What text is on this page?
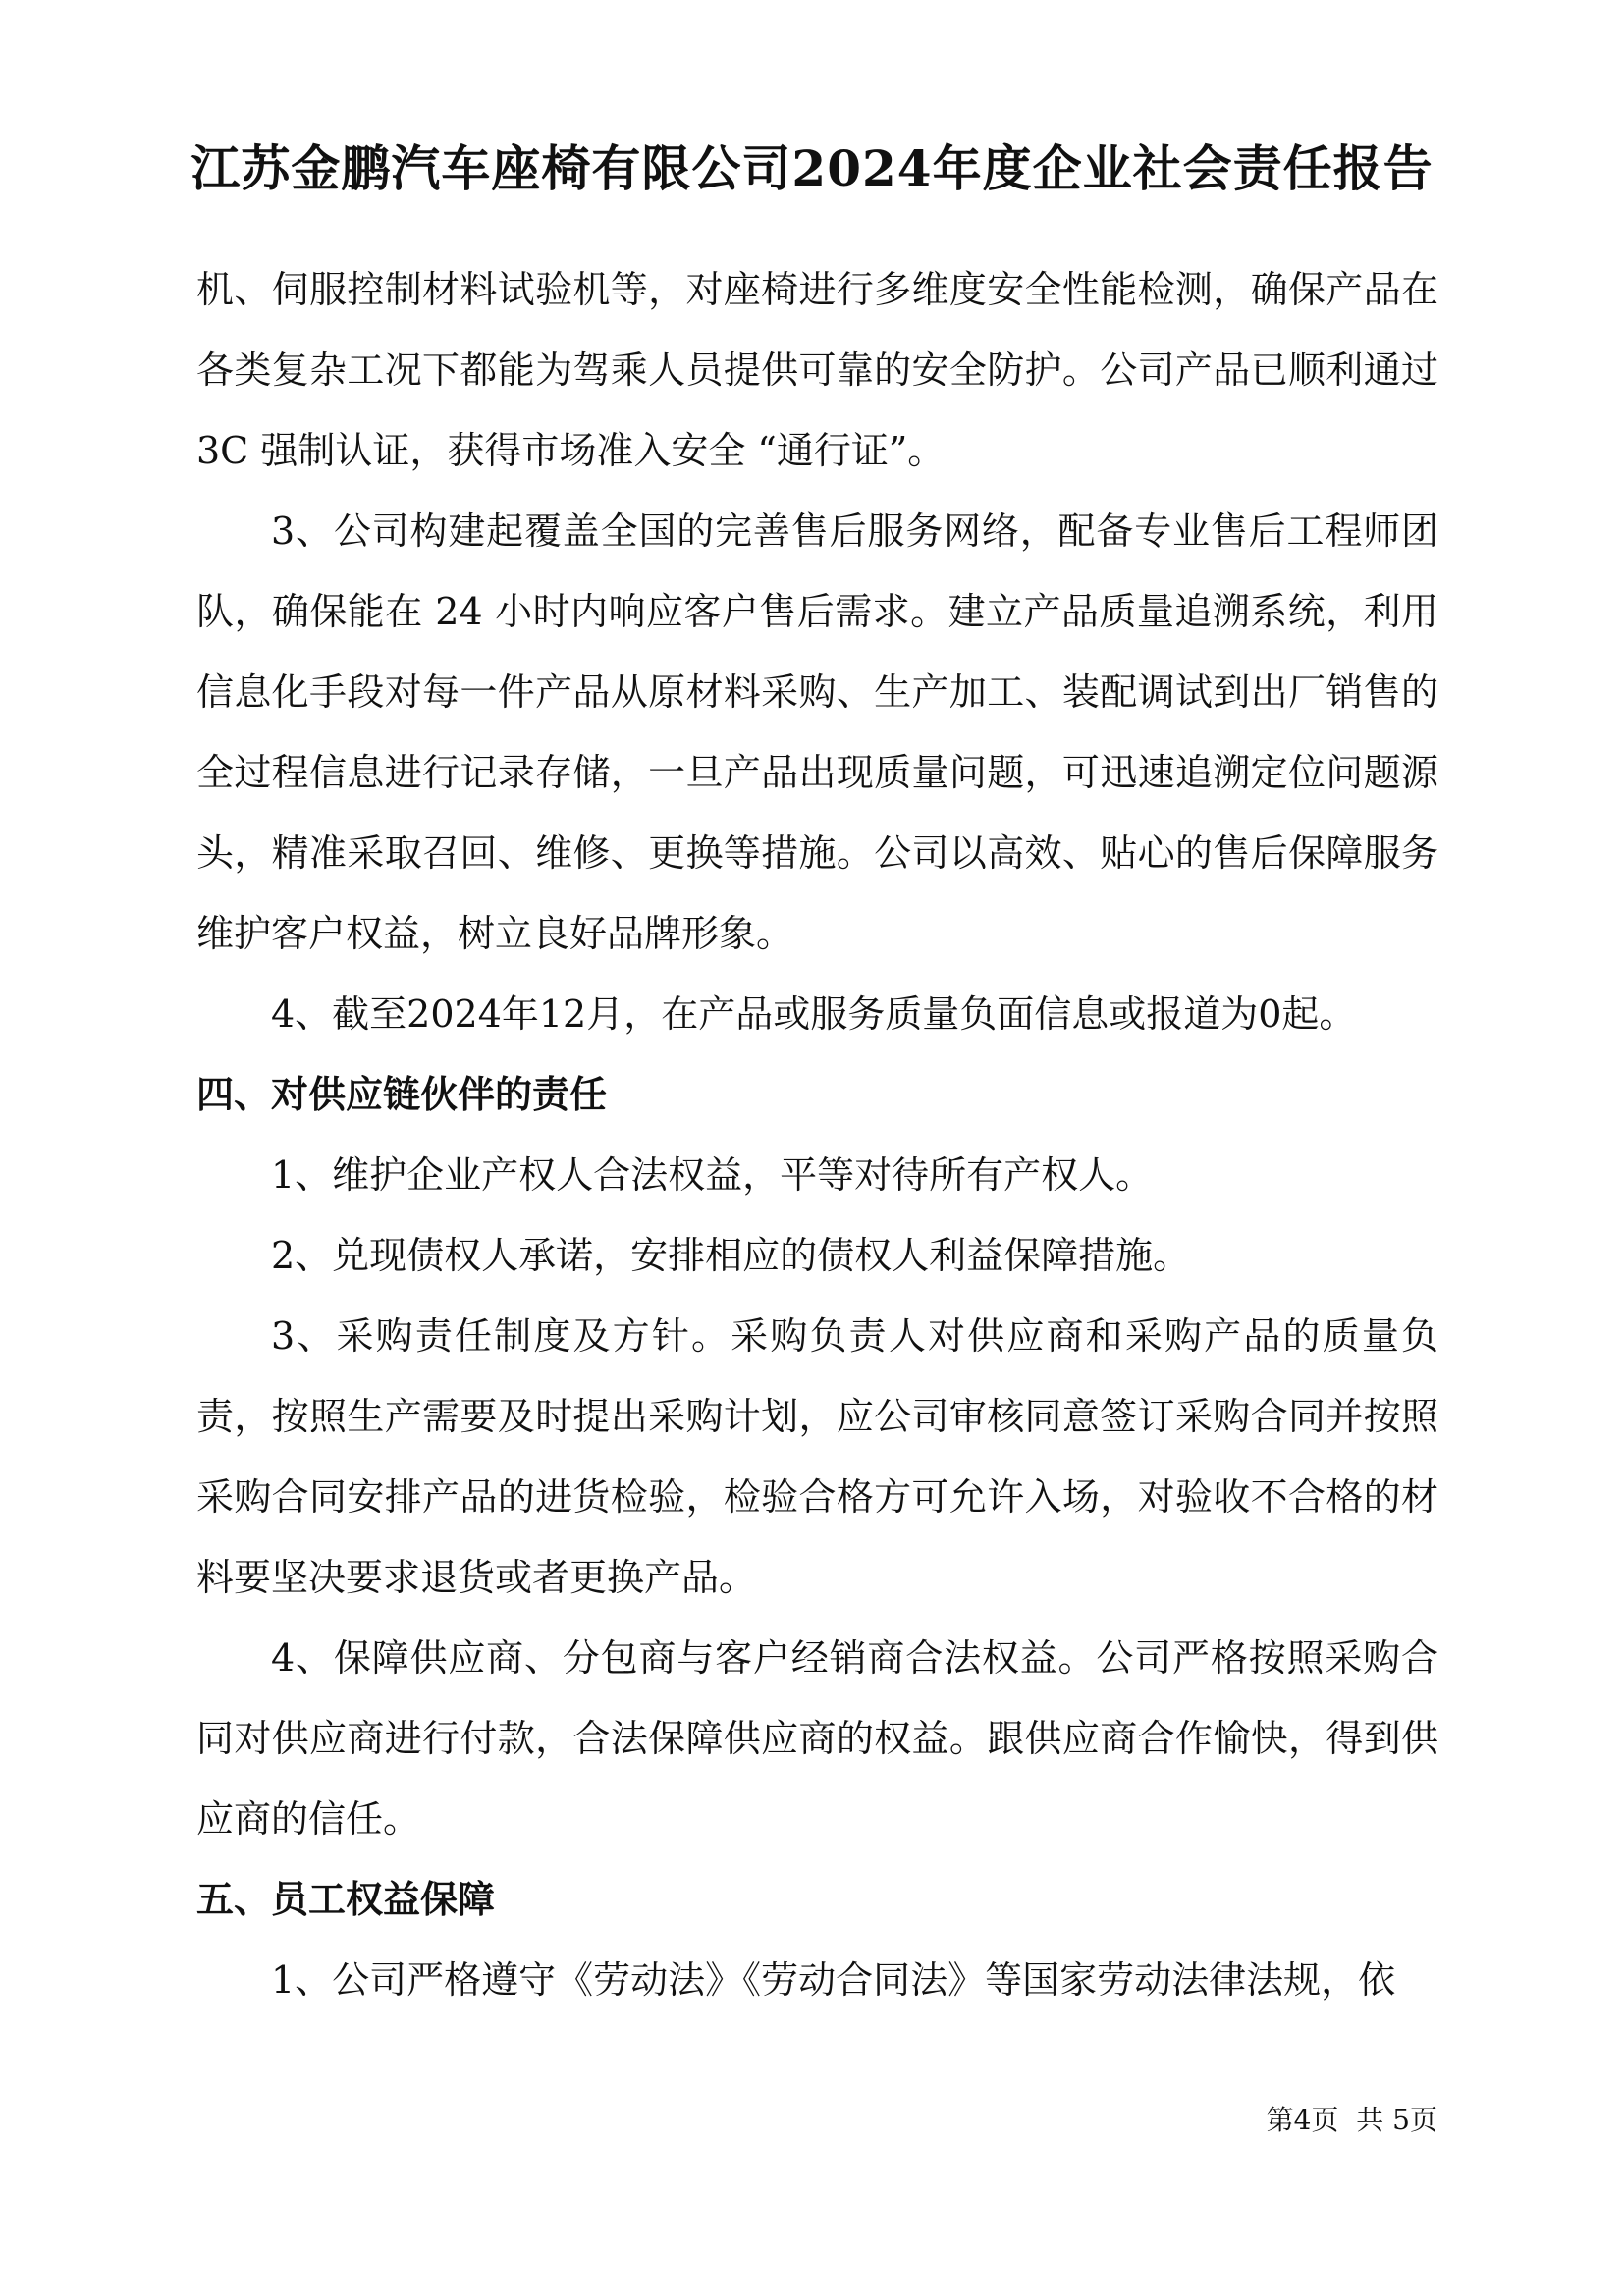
江苏金鹏汽车座椅有限公司2024年度企业社会责任报告

机、伺服控制材料试验机等，对座椅进行多维度安全性能检测，确保产品在各类复杂工况下都能为驾乘人员提供可靠的安全防护。公司产品已顺利通过 3C 强制认证，获得市场准入安全 “通行证”。

3、公司构建起覆盖全国的完善售后服务网络，配备专业售后工程师团队，确保能在 24 小时内响应客户售后需求。建立产品质量追溯系统，利用信息化手段对每一件产品从原材料采购、生产加工、装配调试到出厂销售的全过程信息进行记录存储，一旦产品出现质量问题，可迅速追溯定位问题源头，精准采取召回、维修、更换等措施。公司以高效、贴心的售后保障服务维护客户权益，树立良好品牌形象。

4、截至2024年12月，在产品或服务质量负面信息或报道为0起。

四、对供应链伙伴的责任

1、维护企业产权人合法权益，平等对待所有产权人。

2、兑现债权人承诺，安排相应的债权人利益保障措施。

3、采购责任制度及方针。采购负责人对供应商和采购产品的质量负责，按照生产需要及时提出采购计划，应公司审核同意签订采购合同并按照采购合同安排产品的进货检验，检验合格方可允许入场，对验收不合格的材料要坚决要求退货或者更换产品。

4、保障供应商、分包商与客户经销商合法权益。公司严格按照采购合同对供应商进行付款，合法保障供应商的权益。跟供应商合作愉快，得到供应商的信任。

五、员工权益保障

1、公司严格遵守《劳动法》《劳动合同法》等国家劳动法律法规，依

第4页  共 5页
